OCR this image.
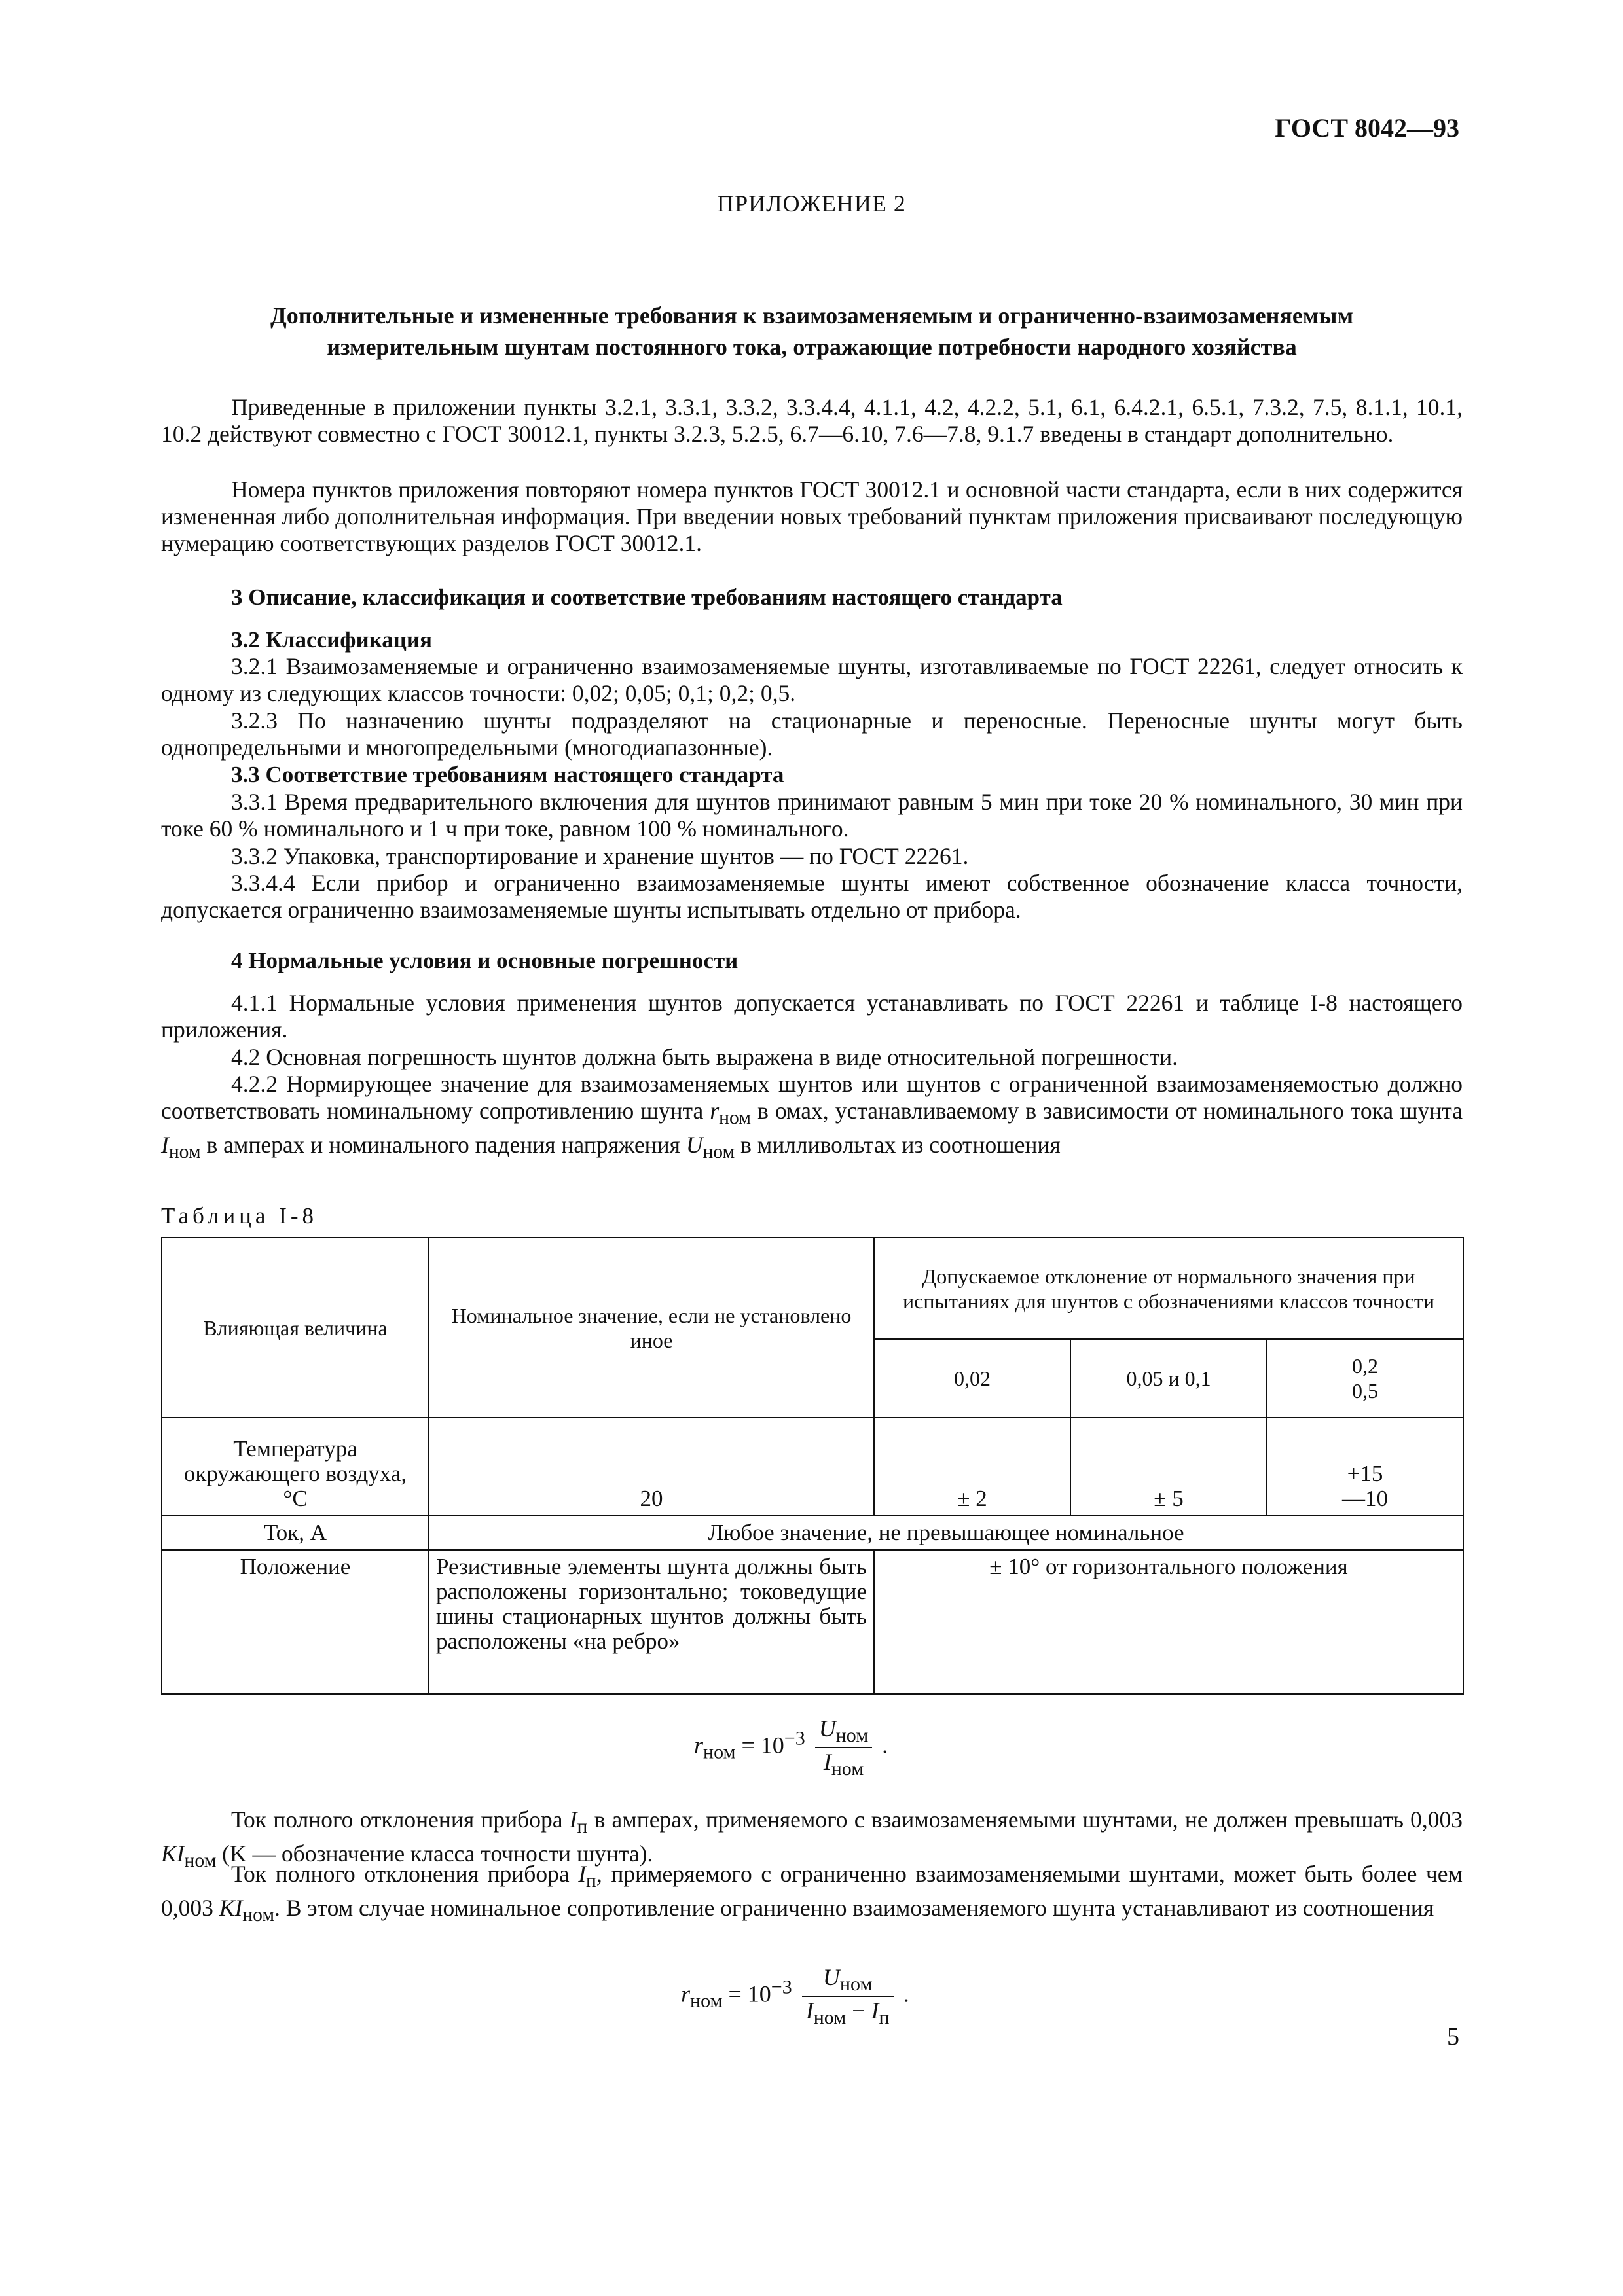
ГОСТ 8042—93
ПРИЛОЖЕНИЕ 2
Дополнительные и измененные требования к взаимозаменяемым и ограниченно-взаимозаменяемым
измерительным шунтам постоянного тока, отражающие потребности народного хозяйства
Приведенные в приложении пункты 3.2.1, 3.3.1, 3.3.2, 3.3.4.4, 4.1.1, 4.2, 4.2.2, 5.1, 6.1, 6.4.2.1, 6.5.1, 7.3.2, 7.5, 8.1.1, 10.1, 10.2 действуют совместно с ГОСТ 30012.1, пункты 3.2.3, 5.2.5, 6.7—6.10, 7.6—7.8, 9.1.7 введены в стандарт дополнительно.
Номера пунктов приложения повторяют номера пунктов ГОСТ 30012.1 и основной части стандарта, если в них содержится измененная либо дополнительная информация. При введении новых требований пунктам приложения присваивают последующую нумерацию соответствующих разделов ГОСТ 30012.1.
3 Описание, классификация и соответствие требованиям настоящего стандарта
3.2 Классификация
3.2.1 Взаимозаменяемые и ограниченно взаимозаменяемые шунты, изготавливаемые по ГОСТ 22261, следует относить к одному из следующих классов точности: 0,02; 0,05; 0,1; 0,2; 0,5.
3.2.3 По назначению шунты подразделяют на стационарные и переносные. Переносные шунты могут быть однопредельными и многопредельными (многодиапазонные).
3.3 Соответствие требованиям настоящего стандарта
3.3.1 Время предварительного включения для шунтов принимают равным 5 мин при токе 20 % номинального, 30 мин при токе 60 % номинального и 1 ч при токе, равном 100 % номинального.
3.3.2 Упаковка, транспортирование и хранение шунтов — по ГОСТ 22261.
3.3.4.4 Если прибор и ограниченно взаимозаменяемые шунты имеют собственное обозначение класса точности, допускается ограниченно взаимозаменяемые шунты испытывать отдельно от прибора.
4 Нормальные условия и основные погрешности
4.1.1 Нормальные условия применения шунтов допускается устанавливать по ГОСТ 22261 и таблице I-8 настоящего приложения.
4.2 Основная погрешность шунтов должна быть выражена в виде относительной погрешности.
4.2.2 Нормирующее значение для взаимозаменяемых шунтов или шунтов с ограниченной взаимозаменяемостью должно соответствовать номинальному сопротивлению шунта $r_{ном}$ в омах, устанавливаемому в зависимости от номинального тока шунта $I_{ном}$ в амперах и номинального падения напряжения $U_{ном}$ в милливольтах из соотношения
Таблица I-8
Влияющая величина	Номинальное значение, если не установлено иное	Допускаемое отклонение от нормального значения при испытаниях для шунтов с обозначениями классов точности		
		0,02	0,05 и 0,1	0,2
0,5

Температура окружающего воздуха, °С	20	± 2	± 5	+15
—10

Ток, А	Любое значение, не превышающее номинальное			
Положение	Резистивные элементы шунта должны быть расположены горизонтально; токоведущие шины стационарных шунтов должны быть расположены «на ребро»	± 10° от горизонтального положения		
$r_{ном} = 10^{-3} \frac{U_{ном}}{I_{ном}}$ .
Ток полного отклонения прибора $I_п$ в амперах, применяемого с взаимозаменяемыми шунтами, не должен превышать 0,003 $KI_{ном}$ (K — обозначение класса точности шунта).
Ток полного отклонения прибора $I_п$, примеряемого с ограниченно взаимозаменяемыми шунтами, может быть более чем 0,003 $KI_{ном}$. В этом случае номинальное сопротивление ограниченно взаимозаменяемого шунта устанавливают из соотношения
$r_{ном} = 10^{-3} \frac{U_{ном}}{I_{ном} - I_п}$ .
5
